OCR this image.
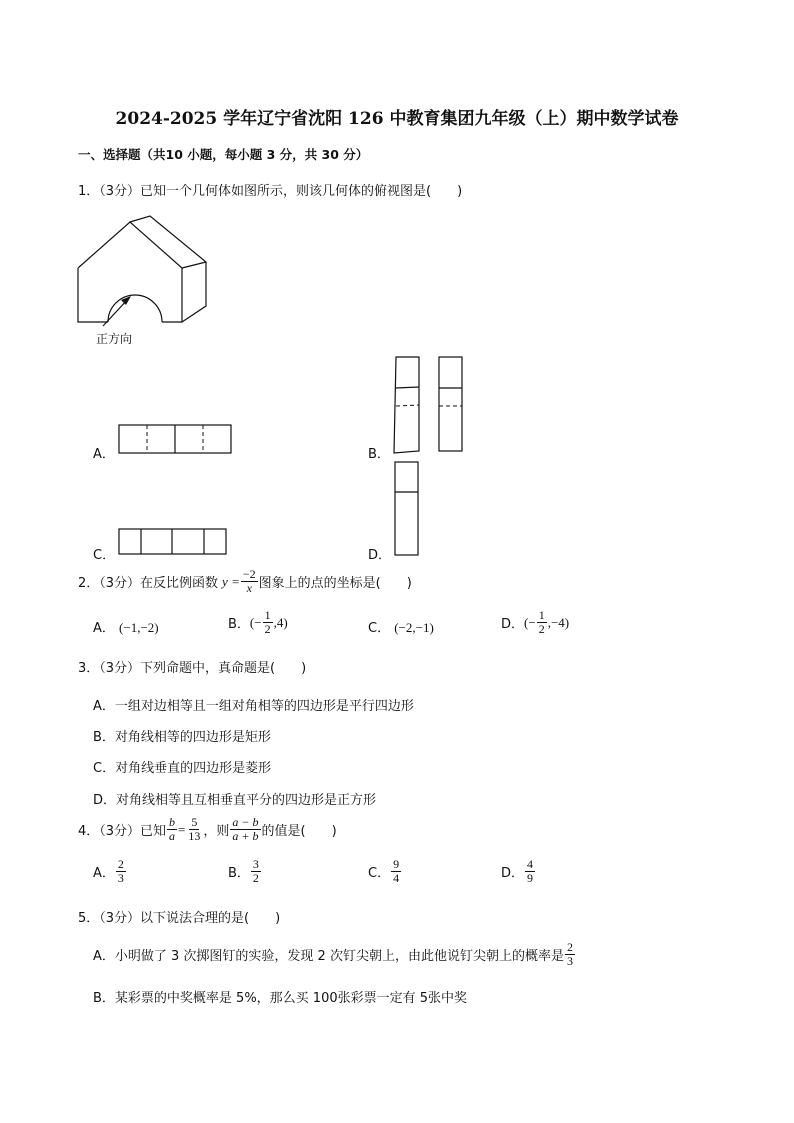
2024-2025 学年辽宁省沈阳 126 中教育集团九年级（上）期中数学试卷
一、选择题（共10 小题，每小题 3 分，共 30 分）
1．（3分）已知一个几何体如图所示，则该几何体的俯视图是(　　)
正方向
A．	B．
C．	D．
2．（3分）在反比例函数 $y = \frac{-2}{x}$ 图象上的点的坐标是(　　)
A． (−1,−2)	B． (− $\frac{1}{2} ,4$)	C． (−2,−1)	D． (− $\frac{1}{2} ,-4$)
3．（3分）下列命题中，真命题是(　　)
A．一组对边相等且一组对角相等的四边形是平行四边形
B．对角线相等的四边形是矩形
C．对角线垂直的四边形是菱形
D．对角线相等且互相垂直平分的四边形是正方形
4．（3分）已知 $\frac{b}{a} = \frac{5}{13}$ ，则 $\frac{a - b}{a + b}$ 的值是(　　)
A． $\frac{2}{3}$	B． $\frac{3}{2}$	C． $\frac{9}{4}$	D． $\frac{4}{9}$
5．（3分）以下说法合理的是(　　)
A．小明做了 3 次掷图钉的实验，发现 2 次钉尖朝上，由此他说钉尖朝上的概率是 $\frac{2}{3}$
B．某彩票的中奖概率是 5%，那么买 100张彩票一定有 5张中奖
